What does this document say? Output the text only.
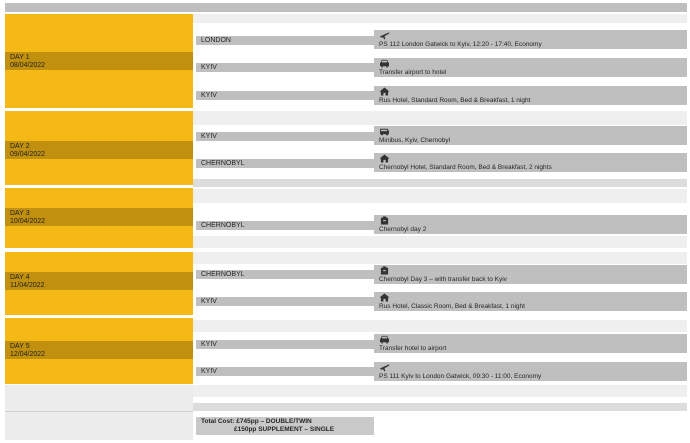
DAY 1
08/04/2022
DAY 2
09/04/2022
DAY 3
10/04/2022
DAY 4
11/04/2022
DAY 5
12/04/2022
LONDON
KYIV
KYIV
KYIV
CHERNOBYL
CHERNOBYL
CHERNOBYL
KYIV
KYIV
KYIV
PS 112 London Gatwick to Kyiv, 12:20 - 17:40, Economy
Transfer airport to hotel
Rus Hotel, Standard Room, Bed & Breakfast, 1 night
Minibus, Kyiv, Chernobyl
Chernobyl Hotel, Standard Room, Bed & Breakfast, 2 nights
Chernobyl day 2
Chernobyl Day 3 – with transfer back to Kyiv
Rus Hotel, Classic Room, Bed & Breakfast, 1 night
Transfer hotel to airport
PS 111 Kyiv to London Gatwick, 09:30 - 11:00, Economy
Total Cost: £745pp – DOUBLE/TWIN
£150pp SUPPLEMENT – SINGLE
